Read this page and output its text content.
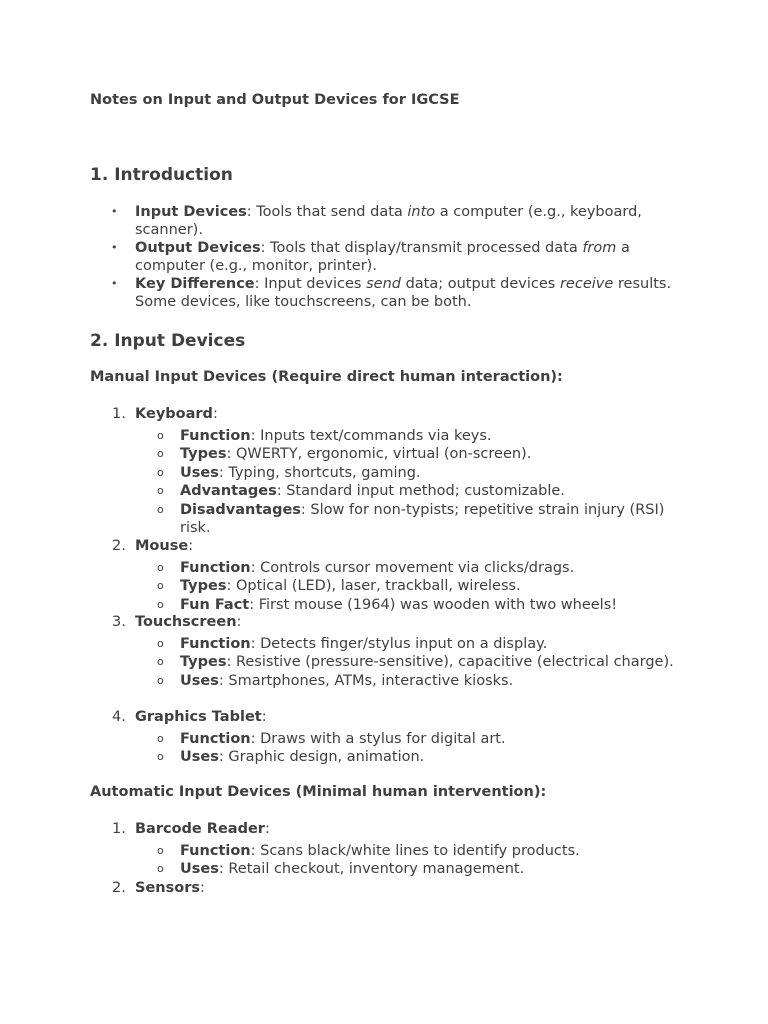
Notes on Input and Output Devices for IGCSE
1. Introduction
• Input Devices: Tools that send data into a computer (e.g., keyboard, scanner).
• Output Devices: Tools that display/transmit processed data from a computer (e.g., monitor, printer).
• Key Difference: Input devices send data; output devices receive results. Some devices, like touchscreens, can be both.
2. Input Devices
Manual Input Devices (Require direct human interaction):
1. Keyboard:
o Function: Inputs text/commands via keys.
o Types: QWERTY, ergonomic, virtual (on-screen).
o Uses: Typing, shortcuts, gaming.
o Advantages: Standard input method; customizable.
o Disadvantages: Slow for non-typists; repetitive strain injury (RSI) risk.
2. Mouse:
o Function: Controls cursor movement via clicks/drags.
o Types: Optical (LED), laser, trackball, wireless.
o Fun Fact: First mouse (1964) was wooden with two wheels!
3. Touchscreen:
o Function: Detects finger/stylus input on a display.
o Types: Resistive (pressure-sensitive), capacitive (electrical charge).
o Uses: Smartphones, ATMs, interactive kiosks.
4. Graphics Tablet:
o Function: Draws with a stylus for digital art.
o Uses: Graphic design, animation.
Automatic Input Devices (Minimal human intervention):
1. Barcode Reader:
o Function: Scans black/white lines to identify products.
o Uses: Retail checkout, inventory management.
2. Sensors:
